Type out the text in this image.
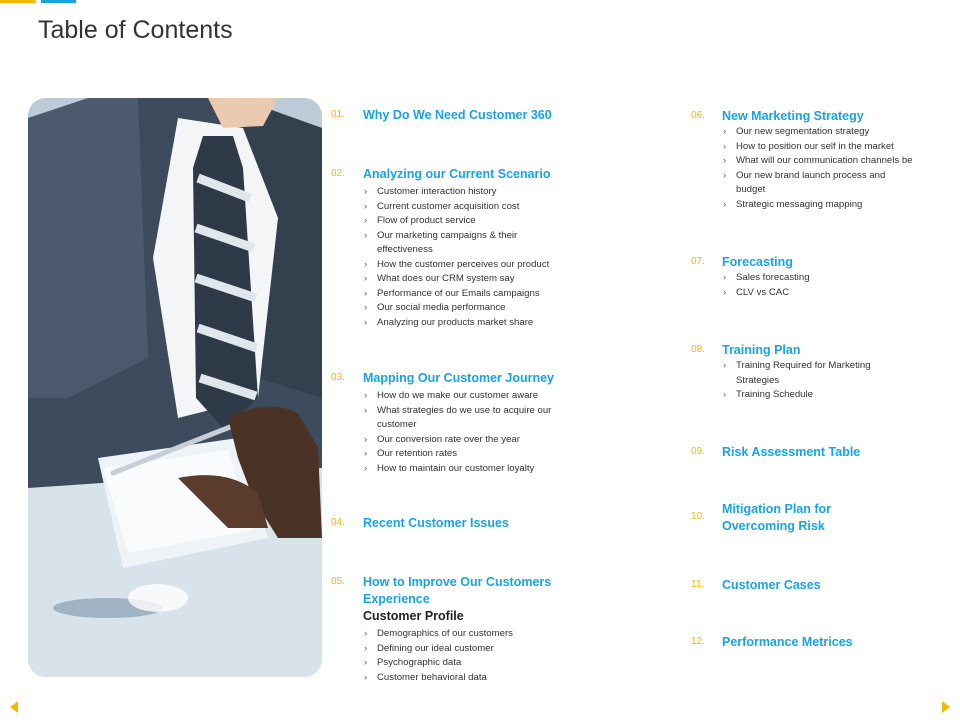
Table of Contents
01. Why Do We Need Customer 360
02. Analyzing our Current Scenario
› Customer interaction history
› Current customer acquisition cost
› Flow of product service
› Our marketing campaigns & their effectiveness
› How the customer perceives our product
› What does our CRM system say
› Performance of our Emails campaigns
› Our social media performance
› Analyzing our products market share
03. Mapping Our Customer Journey
› How do we make our customer aware
› What strategies do we use to acquire our customer
› Our conversion rate over the year
› Our retention rates
› How to maintain our customer loyalty
04. Recent Customer Issues
05. How to Improve Our Customers Experience
Customer Profile
› Demographics of our customers
› Defining our ideal customer
› Psychographic data
› Customer behavioral data
06. New Marketing Strategy
› Our new segmentation strategy
› How to position our self in the market
› What will our communication channels be
› Our new brand launch process and budget
› Strategic messaging mapping
07. Forecasting
› Sales forecasting
› CLV vs CAC
08. Training Plan
› Training Required for Marketing Strategies
› Training Schedule
09. Risk Assessment Table
10.
Mitigation Plan for Overcoming Risk
11. Customer Cases
12. Performance Metrices
